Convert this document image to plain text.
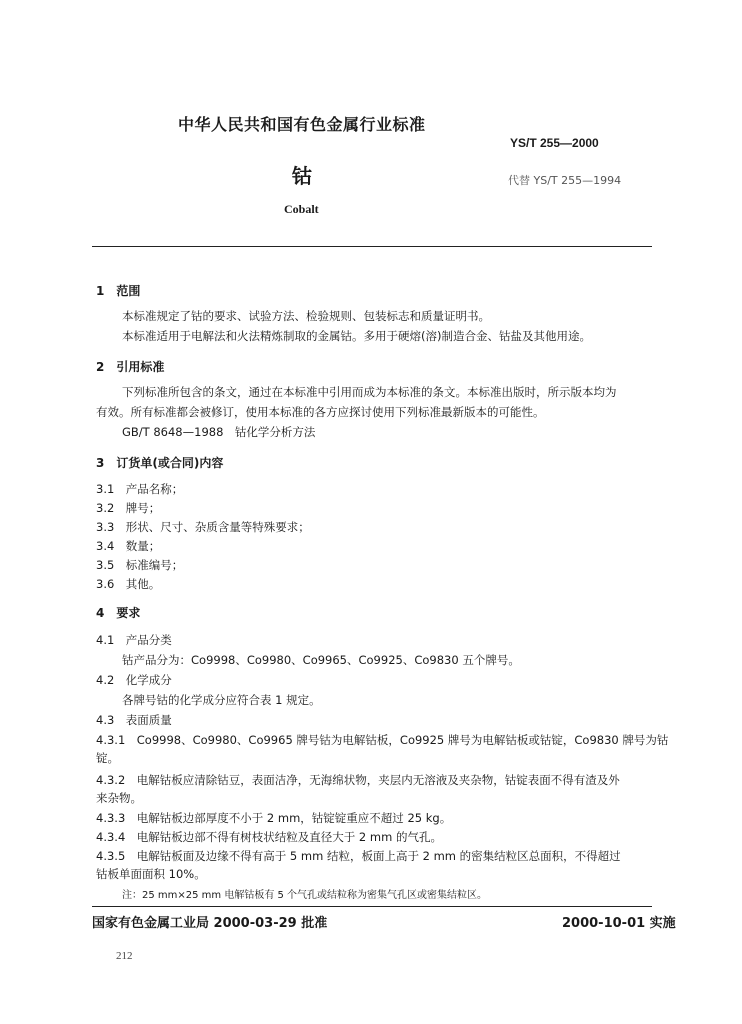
中华人民共和国有色金属行业标准
YS/T 255—2000
钴	代替 YS/T 255—1994
Cobalt
1　范围
本标准规定了钴的要求、试验方法、检验规则、包装标志和质量证明书。
本标准适用于电解法和火法精炼制取的金属钴。多用于硬熔(溶)制造合金、钴盐及其他用途。
2　引用标准
下列标准所包含的条文，通过在本标准中引用而成为本标准的条文。本标准出版时，所示版本均为
有效。所有标准都会被修订，使用本标准的各方应探讨使用下列标准最新版本的可能性。
GB/T 8648—1988　钴化学分析方法
3　订货单(或合同)内容
3.1　产品名称；
3.2　牌号；
3.3　形状、尺寸、杂质含量等特殊要求；
3.4　数量；
3.5　标准编号；
3.6　其他。
4　要求
4.1　产品分类
钴产品分为：Co9998、Co9980、Co9965、Co9925、Co9830 五个牌号。
4.2　化学成分
各牌号钴的化学成分应符合表 1 规定。
4.3　表面质量
4.3.1　Co9998、Co9980、Co9965 牌号钴为电解钴板，Co9925 牌号为电解钴板或钴锭，Co9830 牌号为钴
锭。
4.3.2　电解钴板应清除钴豆，表面洁净，无海绵状物，夹层内无溶液及夹杂物，钴锭表面不得有渣及外
来杂物。
4.3.3　电解钴板边部厚度不小于 2 mm，钴锭锭重应不超过 25 kg。
4.3.4　电解钴板边部不得有树枝状结粒及直径大于 2 mm 的气孔。
4.3.5　电解钴板面及边缘不得有高于 5 mm 结粒，板面上高于 2 mm 的密集结粒区总面积，不得超过
钴板单面面积 10%。
注：25 mm×25 mm 电解钴板有 5 个气孔或结粒称为密集气孔区或密集结粒区。
国家有色金属工业局 2000-03-29 批准	2000-10-01 实施
212
